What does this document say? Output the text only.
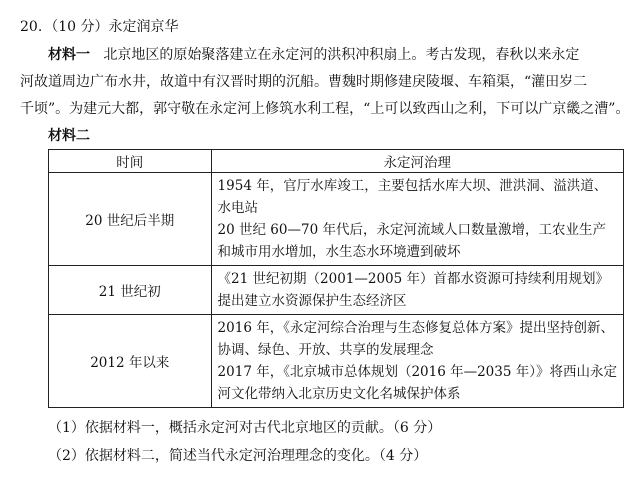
20. （10 分）永定润京华

材料一 北京地区的原始聚落建立在永定河的洪积冲积扇上。考古发现，春秋以来永定

河故道周边广布水井，故道中有汉晋时期的沉船。曹魏时期修建戾陵堰、车箱渠，“灌田岁二

千顷”。为建元大都，郭守敬在永定河上修筑水利工程，“上可以致西山之利，下可以广京畿之漕”。

材料二
时间	永定河治理
20 世纪后半期	1954 年，官厅水库竣工，主要包括水库大坝、泄洪洞、溢洪道、
水电站
20 世纪 60—70 年代后，永定河流域人口数量激增，工农业生产
和城市用水增加，水生态水环境遭到破坏

21 世纪初	《21 世纪初期（2001—2005 年）首都水资源可持续利用规划》
提出建立水资源保护生态经济区

2012 年以来	2016 年，《永定河综合治理与生态修复总体方案》提出坚持创新、
协调、绿色、开放、共享的发展理念
2017 年，《北京城市总体规划（2016 年—2035 年）》将西山永定
河文化带纳入北京历史文化名城保护体系
（1）依据材料一，概括永定河对古代北京地区的贡献。（6 分）
（2）依据材料二，简述当代永定河治理理念的变化。（4 分）
